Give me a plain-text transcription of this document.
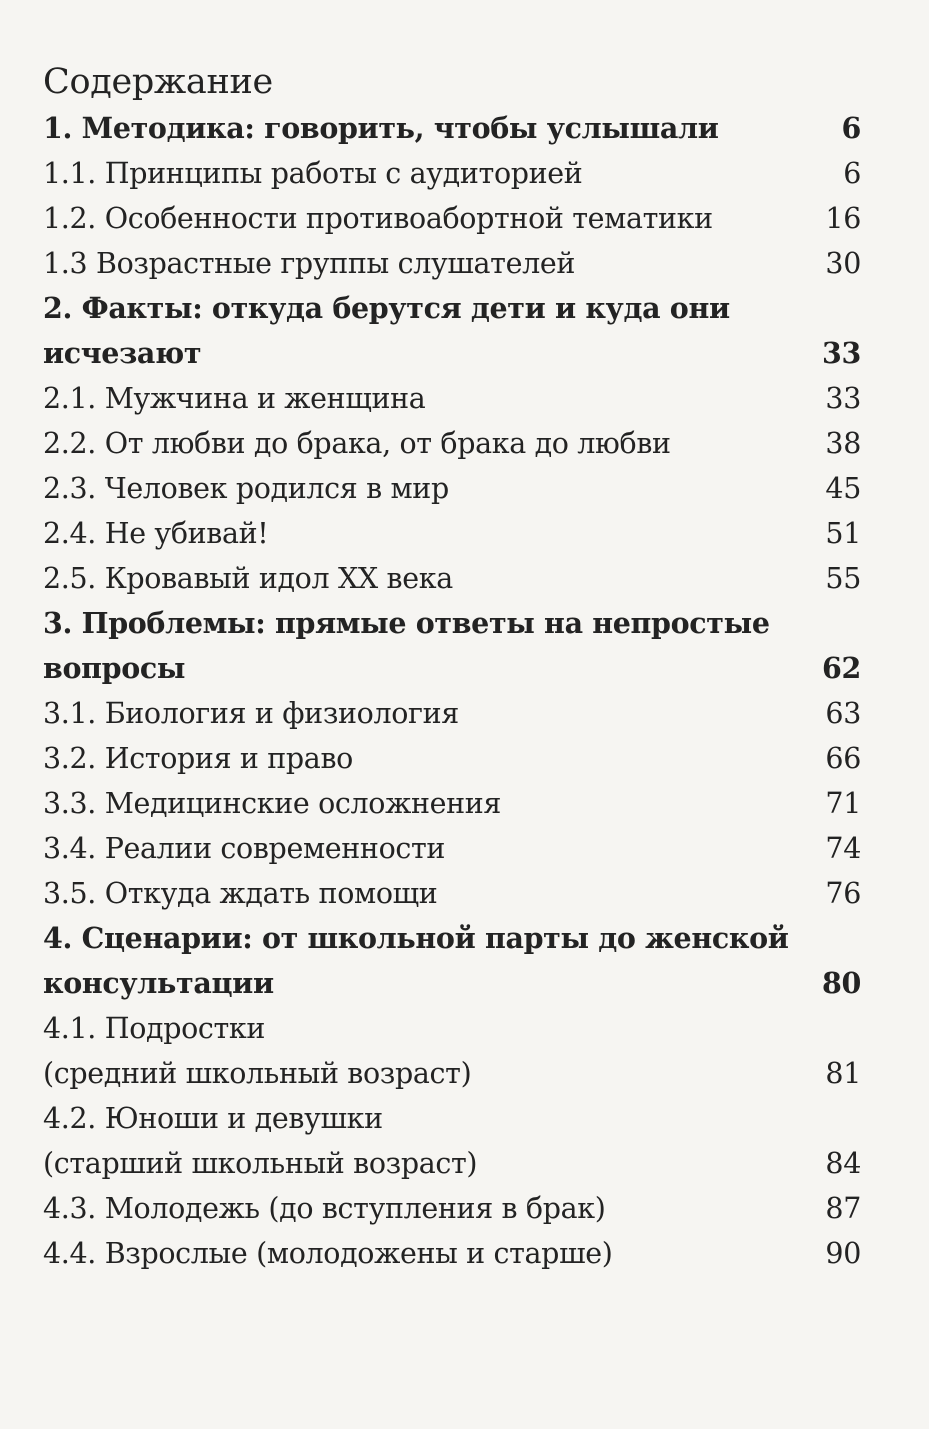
Содержание
1. Методика: говорить, чтобы услышали	6
1.1. Принципы работы с аудиторией	6
1.2. Особенности противоабортной тематики	16
1.3 Возрастные группы слушателей	30
2. Факты: откуда берутся дети и куда они
исчезают	33
2.1. Мужчина и женщина	33
2.2. От любви до брака, от брака до любви	38
2.3. Человек родился в мир	45
2.4. Не убивай!	51
2.5. Кровавый идол XX века	55
3. Проблемы: прямые ответы на непростые
вопросы	62
3.1. Биология и физиология	63
3.2. История и право	66
3.3. Медицинские осложнения	71
3.4. Реалии современности	74
3.5. Откуда ждать помощи	76
4. Сценарии: от школьной парты до женской
консультации	80
4.1. Подростки
(средний школьный возраст)	81
4.2. Юноши и девушки
(старший школьный возраст)	84
4.3. Молодежь (до вступления в брак)	87
4.4. Взрослые (молодожены и старше)	90
